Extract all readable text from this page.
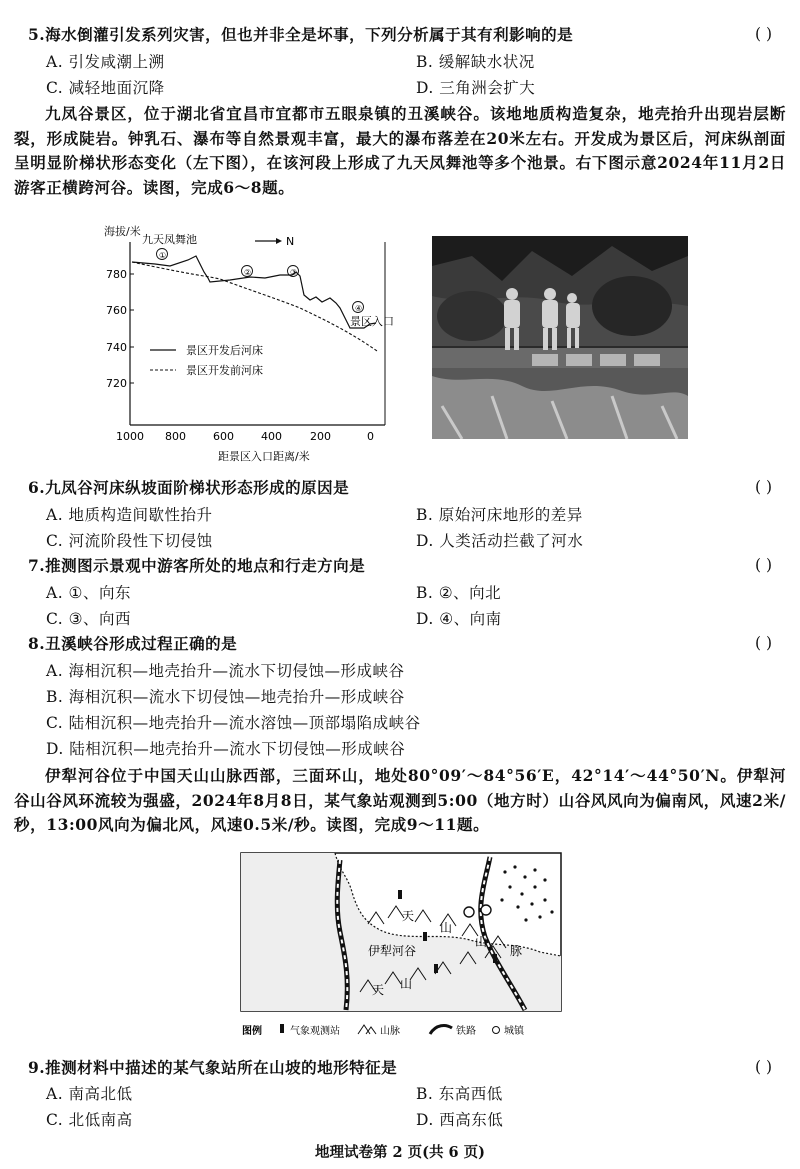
5.海水倒灌引发系列灾害，但也并非全是坏事，下列分析属于其有利影响的是	( )
A. 引发咸潮上溯	B. 缓解缺水状况
C. 减轻地面沉降	D. 三角洲会扩大
九凤谷景区，位于湖北省宜昌市宜都市五眼泉镇的丑溪峡谷。该地地质构造复杂，地壳抬升出现岩层断裂，形成陡岩。钟乳石、瀑布等自然景观丰富，最大的瀑布落差在20米左右。开发成为景区后，河床纵剖面呈明显阶梯状形态变化（左下图），在该河段上形成了九天凤舞池等多个池景。右下图示意2024年11月2日游客正横跨河谷。读图，完成6～8题。
海拔/米
780
760
740
720
1000 800 600 400	200	0
距景区入口距离/米
九天凤舞池	N
①
②	③
④
景区入口
景区开发后河床
景区开发前河床
6.九凤谷河床纵坡面阶梯状形态形成的原因是	( )
A. 地质构造间歇性抬升	B. 原始河床地形的差异
C. 河流阶段性下切侵蚀	D. 人类活动拦截了河水
7.推测图示景观中游客所处的地点和行走方向是	( )
A. ①、向东	B. ②、向北
C. ③、向西	D. ④、向南
8.丑溪峡谷形成过程正确的是	( )
A. 海相沉积—地壳抬升—流水下切侵蚀—形成峡谷
B. 海相沉积—流水下切侵蚀—地壳抬升—形成峡谷
C. 陆相沉积—地壳抬升—流水溶蚀—顶部塌陷成峡谷
D. 陆相沉积—地壳抬升—流水下切侵蚀—形成峡谷
伊犁河谷位于中国天山山脉西部，三面环山，地处80°09′～84°56′E，42°14′～44°50′N。伊犁河谷山谷风环流较为强盛，2024年8月8日，某气象站观测到5:00（地方时）山谷风风向为偏南风，风速2米/秒，13:00风向为偏北风，风速0.5米/秒。读图，完成9～11题。
天
山
山
脉
伊犁河谷
天 山
图例	气象观测站	山脉	铁路	城镇
9.推测材料中描述的某气象站所在山坡的地形特征是	( )
A. 南高北低	B. 东高西低
C. 北低南高	D. 西高东低
地理试卷第 2 页(共 6 页)
